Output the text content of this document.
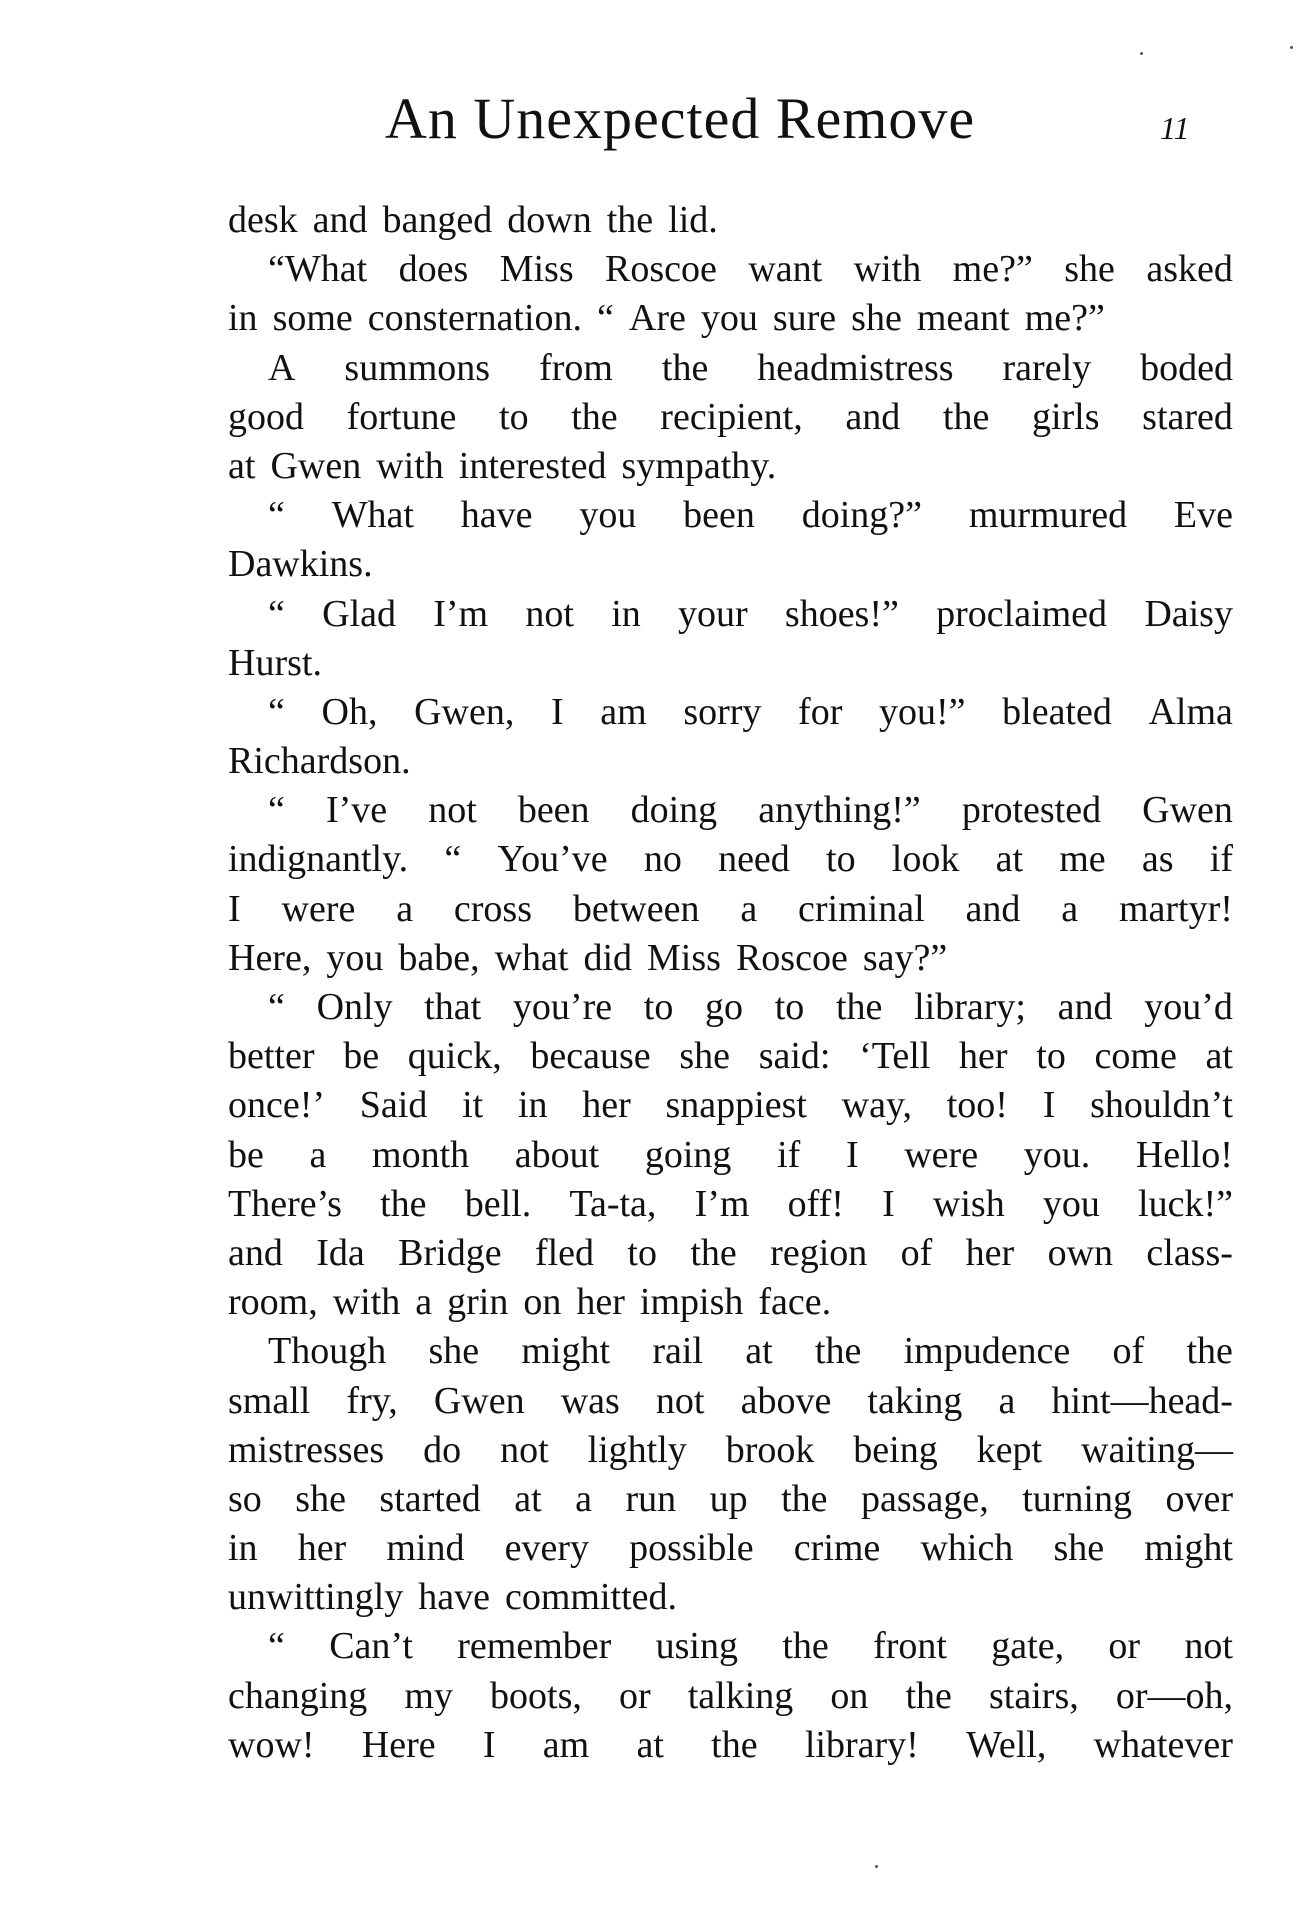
An Unexpected Remove	11
desk and banged down the lid.
“What does Miss Roscoe want with me?” she asked
in some consternation. “ Are you sure she meant me?”
A summons from the headmistress rarely boded
good fortune to the recipient, and the girls stared
at Gwen with interested sympathy.
“ What have you been doing?” murmured Eve
Dawkins.
“ Glad I’m not in your shoes!” proclaimed Daisy
Hurst.
“ Oh, Gwen, I am sorry for you!” bleated Alma
Richardson.
“ I’ve not been doing anything!” protested Gwen
indignantly. “ You’ve no need to look at me as if
I were a cross between a criminal and a martyr!
Here, you babe, what did Miss Roscoe say?”
“ Only that you’re to go to the library; and you’d
better be quick, because she said: ‘Tell her to come at
once!’ Said it in her snappiest way, too! I shouldn’t
be a month about going if I were you. Hello!
There’s the bell. Ta-ta, I’m off! I wish you luck!”
and Ida Bridge fled to the region of her own class-
room, with a grin on her impish face.
Though she might rail at the impudence of the
small fry, Gwen was not above taking a hint—head-
mistresses do not lightly brook being kept waiting—
so she started at a run up the passage, turning over
in her mind every possible crime which she might
unwittingly have committed.
“ Can’t remember using the front gate, or not
changing my boots, or talking on the stairs, or—oh,
wow! Here I am at the library! Well, whatever
